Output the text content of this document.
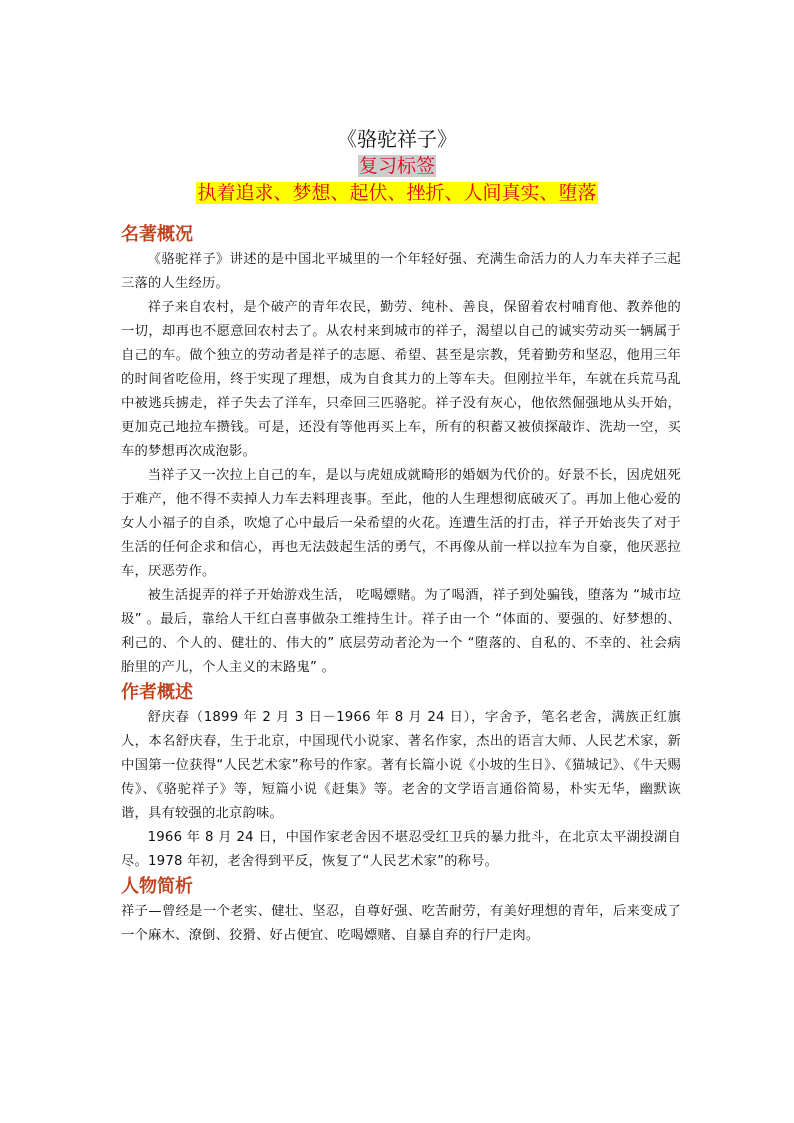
《骆驼祥子》

复习标签

执着追求、梦想、起伏、挫折、人间真实、堕落

名著概况

《骆驼祥子》讲述的是中国北平城里的一个年轻好强、充满生命活力的人力车夫祥子三起三落的人生经历。

祥子来自农村，是个破产的青年农民，勤劳、纯朴、善良，保留着农村哺育他、教养他的一切，却再也不愿意回农村去了。从农村来到城市的祥子，渴望以自己的诚实劳动买一辆属于自己的车。做个独立的劳动者是祥子的志愿、希望、甚至是宗教，凭着勤劳和坚忍，他用三年的时间省吃俭用，终于实现了理想，成为自食其力的上等车夫。但刚拉半年，车就在兵荒马乱中被逃兵掳走，祥子失去了洋车，只牵回三匹骆驼。祥子没有灰心，他依然倔强地从头开始，更加克己地拉车攒钱。可是，还没有等他再买上车，所有的积蓄又被侦探敲诈、洗劫一空，买车的梦想再次成泡影。

当祥子又一次拉上自己的车，是以与虎妞成就畸形的婚姻为代价的。好景不长，因虎妞死于难产，他不得不卖掉人力车去料理丧事。至此，他的人生理想彻底破灭了。再加上他心爱的女人小福子的自杀，吹熄了心中最后一朵希望的火花。连遭生活的打击，祥子开始丧失了对于生活的任何企求和信心，再也无法鼓起生活的勇气，不再像从前一样以拉车为自豪，他厌恶拉车，厌恶劳作。

被生活捉弄的祥子开始游戏生活， 吃喝嫖赌。为了喝酒，祥子到处骗钱，堕落为 “城市垃圾” 。最后，靠给人干红白喜事做杂工维持生计。祥子由一个 “体面的、要强的、好梦想的、利己的、个人的、健壮的、伟大的” 底层劳动者沦为一个 “堕落的、自私的、不幸的、社会病胎里的产儿，个人主义的末路鬼” 。

作者概述

舒庆春（1899 年 2 月 3 日－1966 年 8 月 24 日），字舍予，笔名老舍，满族正红旗人，本名舒庆春，生于北京，中国现代小说家、著名作家，杰出的语言大师、人民艺术家，新中国第一位获得“人民艺术家”称号的作家。著有长篇小说《小坡的生日》、《猫城记》、《牛天赐传》、《骆驼祥子》等，短篇小说《赶集》等。老舍的文学语言通俗简易，朴实无华，幽默诙谐，具有较强的北京韵味。

1966 年 8 月 24 日，中国作家老舍因不堪忍受红卫兵的暴力批斗，在北京太平湖投湖自尽。1978 年初，老舍得到平反，恢复了“人民艺术家”的称号。

人物简析

祥子—曾经是一个老实、健壮、坚忍，自尊好强、吃苦耐劳，有美好理想的青年，后来变成了一个麻木、潦倒、狡猾、好占便宜、吃喝嫖赌、自暴自弃的行尸走肉。
